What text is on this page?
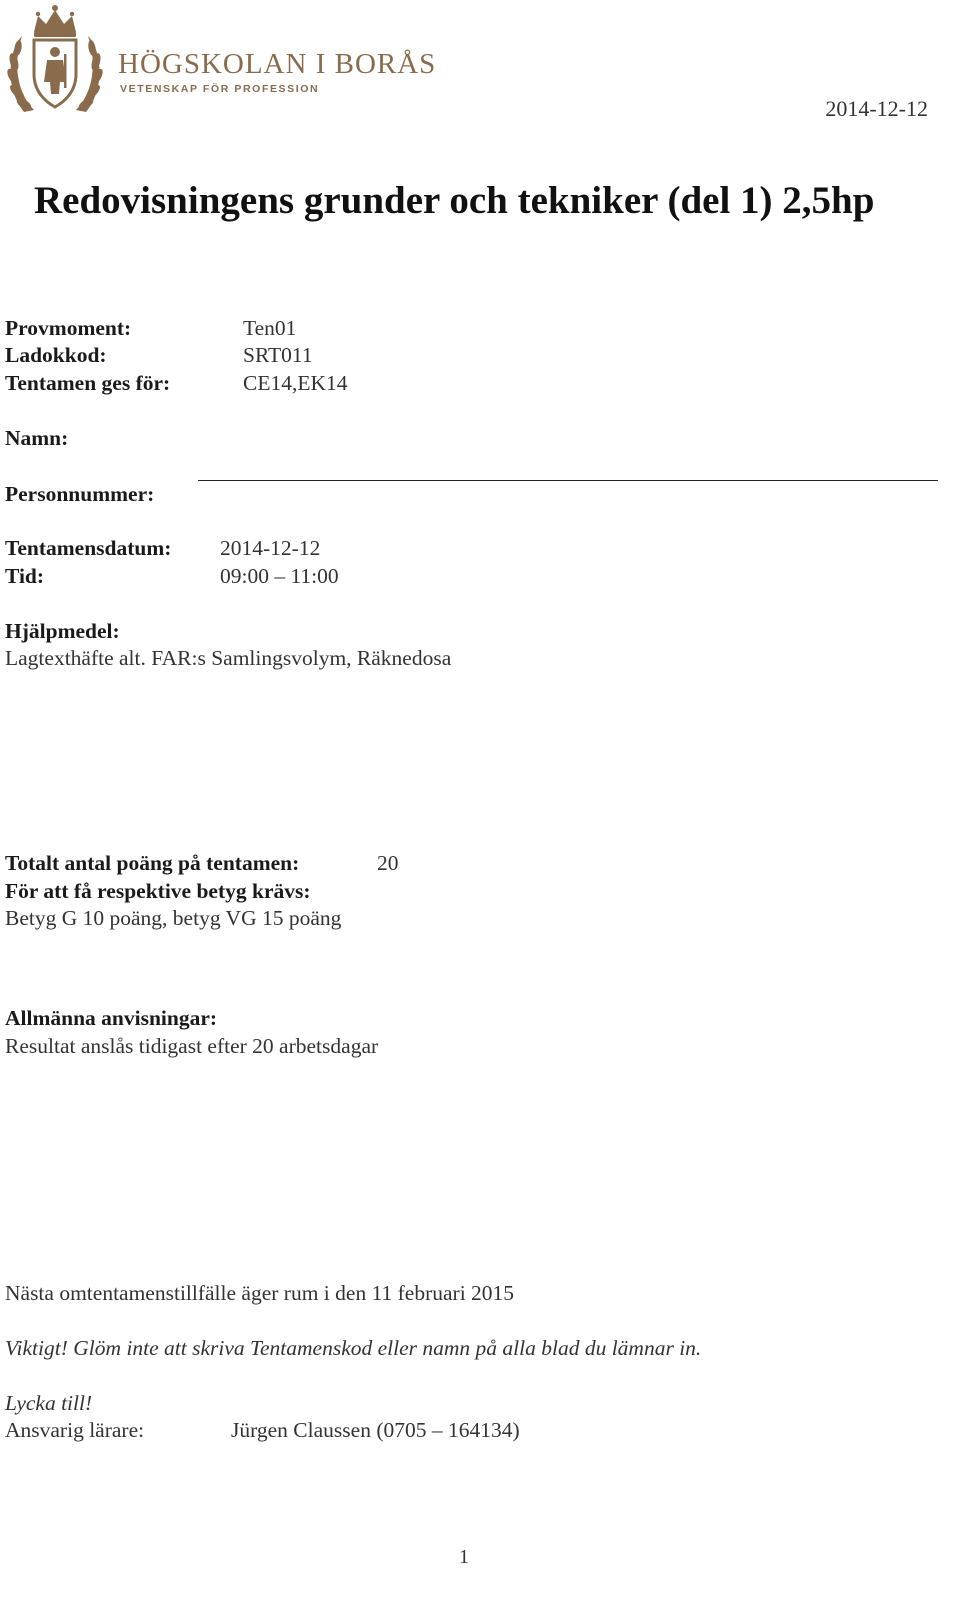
HÖGSKOLAN I BORÅS
VETENSKAP FÖR PROFESSION
2014-12-12
Redovisningens grunder och tekniker (del 1) 2,5hp
Provmoment:	Ten01
Ladokkod:	SRT011
Tentamen ges för:	CE14,EK14
Namn:
Personnummer:
Tentamensdatum: 2014-12-12
Tid:	09:00 – 11:00
Hjälpmedel:
Lagtexthäfte alt. FAR:s Samlingsvolym, Räknedosa
Totalt antal poäng på tentamen:	20
För att få respektive betyg krävs:
Betyg G 10 poäng, betyg VG 15 poäng
Allmänna anvisningar:
Resultat anslås tidigast efter 20 arbetsdagar
Nästa omtentamenstillfälle äger rum i den 11 februari 2015
Viktigt! Glöm inte att skriva Tentamenskod eller namn på alla blad du lämnar in.
Lycka till!
Ansvarig lärare:	Jürgen Claussen (0705 – 164134)
1
